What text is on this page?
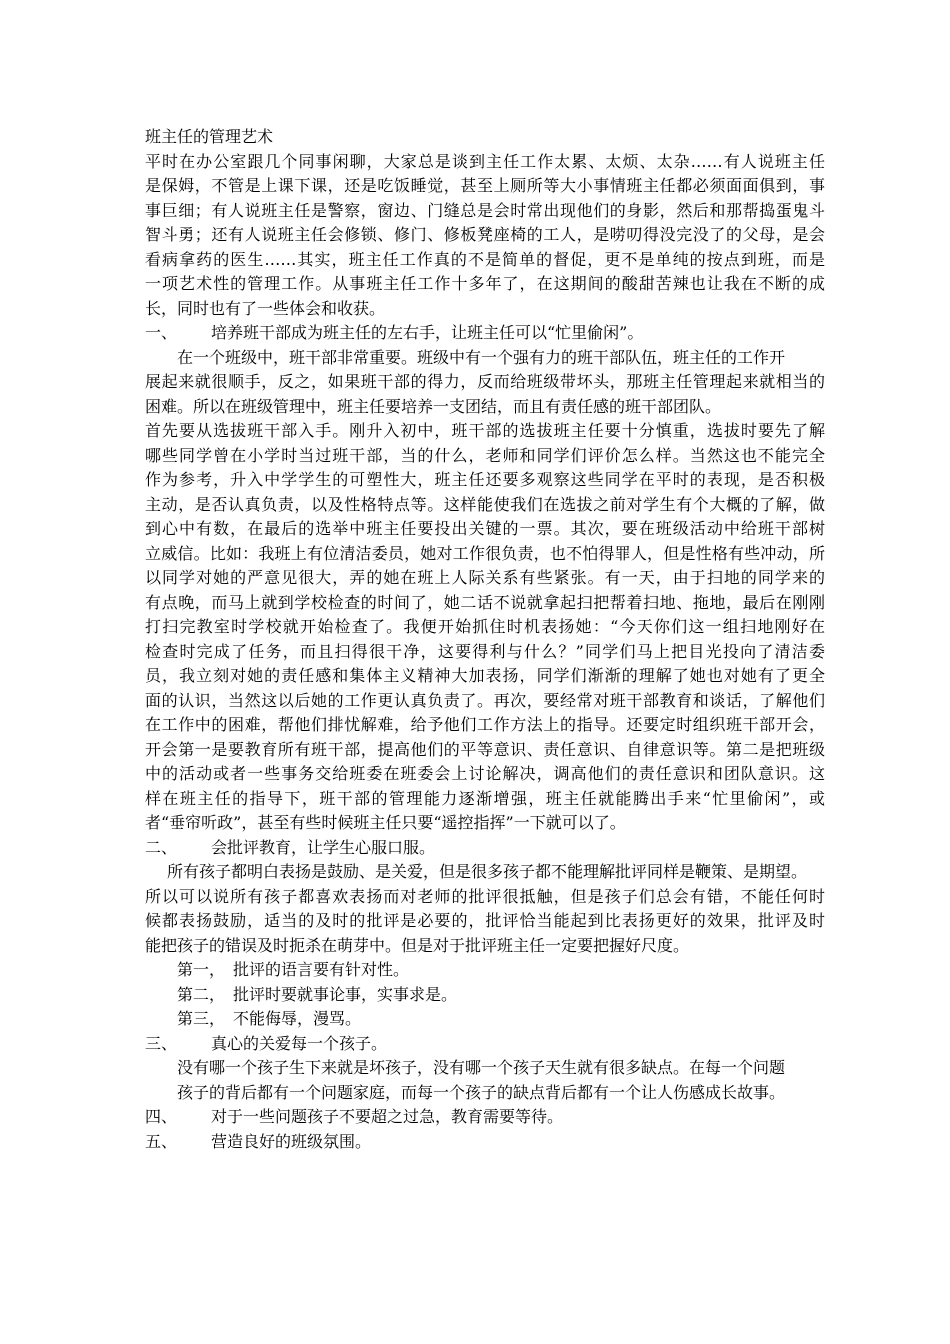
班主任的管理艺术
平时在办公室跟几个同事闲聊，大家总是谈到主任工作太累、太烦、太杂……有人说班主任
是保姆，不管是上课下课，还是吃饭睡觉，甚至上厕所等大小事情班主任都必须面面俱到，事
事巨细；有人说班主任是警察，窗边、门缝总是会时常出现他们的身影，然后和那帮捣蛋鬼斗
智斗勇；还有人说班主任会修锁、修门、修板凳座椅的工人，是唠叨得没完没了的父母，是会
看病拿药的医生……其实，班主任工作真的不是简单的督促，更不是单纯的按点到班，而是
一项艺术性的管理工作。从事班主任工作十多年了，在这期间的酸甜苦辣也让我在不断的成
长，同时也有了一些体会和收获。
一、 培养班干部成为班主任的左右手，让班主任可以“忙里偷闲”。
在一个班级中，班干部非常重要。班级中有一个强有力的班干部队伍，班主任的工作开
展起来就很顺手，反之，如果班干部的得力，反而给班级带坏头，那班主任管理起来就相当的
困难。所以在班级管理中，班主任要培养一支团结，而且有责任感的班干部团队。
首先要从选拔班干部入手。刚升入初中，班干部的选拔班主任要十分慎重，选拔时要先了解
哪些同学曾在小学时当过班干部，当的什么，老师和同学们评价怎么样。当然这也不能完全
作为参考，升入中学学生的可塑性大，班主任还要多观察这些同学在平时的表现，是否积极
主动，是否认真负责，以及性格特点等。这样能使我们在选拔之前对学生有个大概的了解，做
到心中有数，在最后的选举中班主任要投出关键的一票。其次，要在班级活动中给班干部树
立威信。比如：我班上有位清洁委员，她对工作很负责，也不怕得罪人，但是性格有些冲动，所
以同学对她的严意见很大，弄的她在班上人际关系有些紧张。有一天，由于扫地的同学来的
有点晚，而马上就到学校检查的时间了，她二话不说就拿起扫把帮着扫地、拖地，最后在刚刚
打扫完教室时学校就开始检查了。我便开始抓住时机表扬她：“今天你们这一组扫地刚好在
检查时完成了任务，而且扫得很干净，这要得利与什么？”同学们马上把目光投向了清洁委
员，我立刻对她的责任感和集体主义精神大加表扬，同学们渐渐的理解了她也对她有了更全
面的认识，当然这以后她的工作更认真负责了。再次，要经常对班干部教育和谈话，了解他们
在工作中的困难，帮他们排忧解难，给予他们工作方法上的指导。还要定时组织班干部开会，
开会第一是要教育所有班干部，提高他们的平等意识、责任意识、自律意识等。第二是把班级
中的活动或者一些事务交给班委在班委会上讨论解决，调高他们的责任意识和团队意识。这
样在班主任的指导下，班干部的管理能力逐渐增强，班主任就能腾出手来“忙里偷闲”，或
者“垂帘听政”，甚至有些时候班主任只要“遥控指挥”一下就可以了。
二、 会批评教育，让学生心服口服。
所有孩子都明白表扬是鼓励、是关爱，但是很多孩子都不能理解批评同样是鞭策、是期望。
所以可以说所有孩子都喜欢表扬而对老师的批评很抵触，但是孩子们总会有错，不能任何时
候都表扬鼓励，适当的及时的批评是必要的，批评恰当能起到比表扬更好的效果，批评及时
能把孩子的错误及时扼杀在萌芽中。但是对于批评班主任一定要把握好尺度。
第一， 批评的语言要有针对性。
第二， 批评时要就事论事，实事求是。
第三， 不能侮辱，漫骂。
三、 真心的关爱每一个孩子。
没有哪一个孩子生下来就是坏孩子，没有哪一个孩子天生就有很多缺点。在每一个问题
孩子的背后都有一个问题家庭，而每一个孩子的缺点背后都有一个让人伤感成长故事。
四、 对于一些问题孩子不要超之过急，教育需要等待。
五、 营造良好的班级氛围。
